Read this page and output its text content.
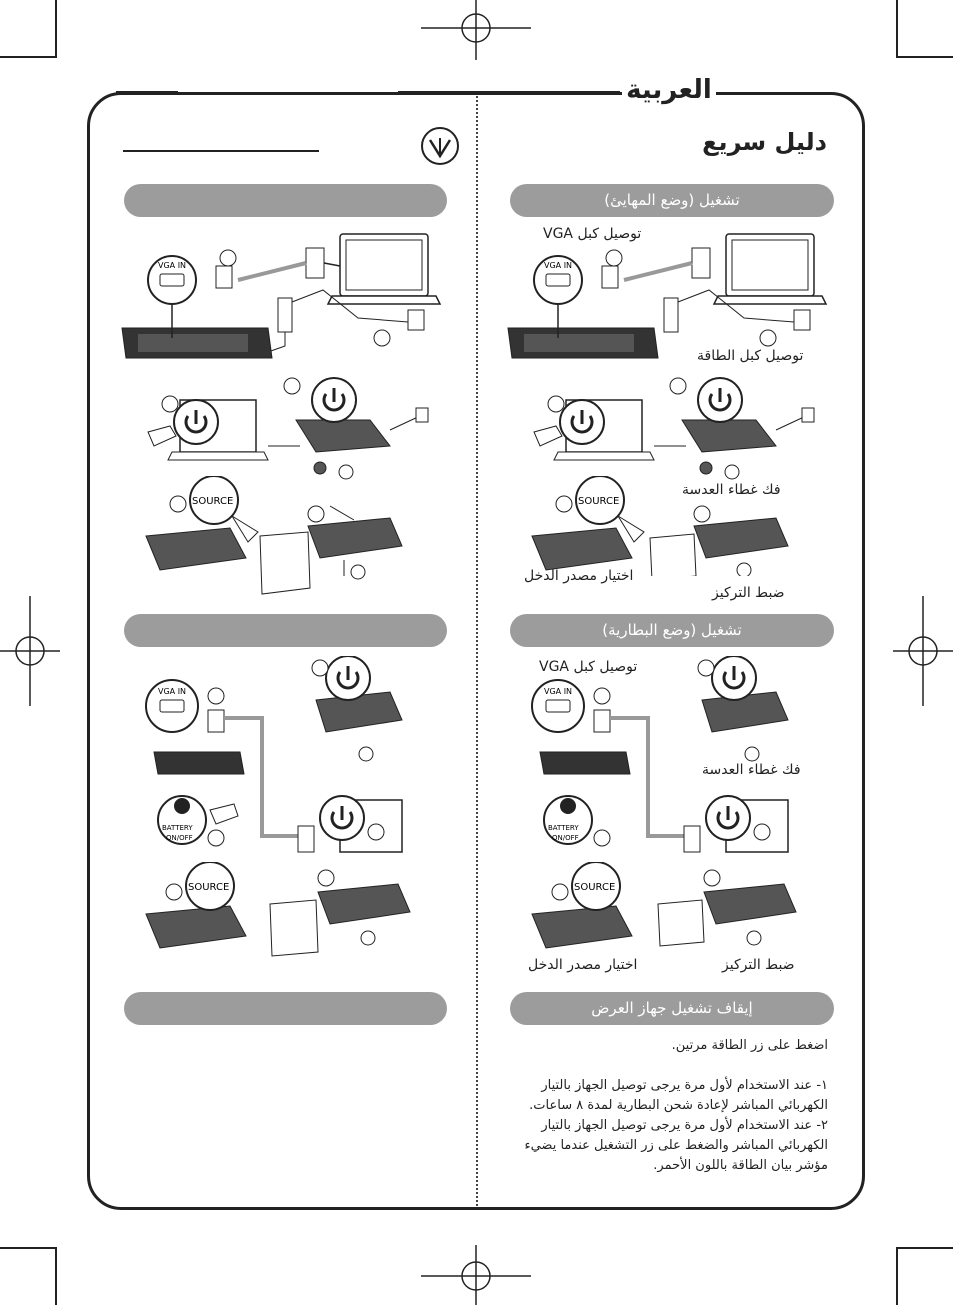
العربية
دليل سريع
تشغيل (وضع المهايئ)
تشغيل (وضع البطارية)
إيقاف تشغيل جهاز العرض
توصيل كبل VGA
توصيل كبل الطاقة
فك غطاء العدسة
اختيار مصدر الدخل
ضبط التركيز
توصيل كبل VGA
فك غطاء العدسة
اختيار مصدر الدخل	ضبط التركيز
اضغط على زر الطاقة مرتين.
١- عند الاستخدام لأول مرة يرجى توصيل الجهاز بالتيار الكهربائي المباشر لإعادة شحن البطارية لمدة ٨ ساعات.
٢- عند الاستخدام لأول مرة يرجى توصيل الجهاز بالتيار الكهربائي المباشر والضغط على زر التشغيل عندما يضيء مؤشر بيان الطاقة باللون الأحمر.
VGA IN	VGA IN
SOURCE	SOURCE
VGA IN
BATTERY
ON/OFF
VGA IN
BATTERY
ON/OFF
SOURCE	SOURCE
